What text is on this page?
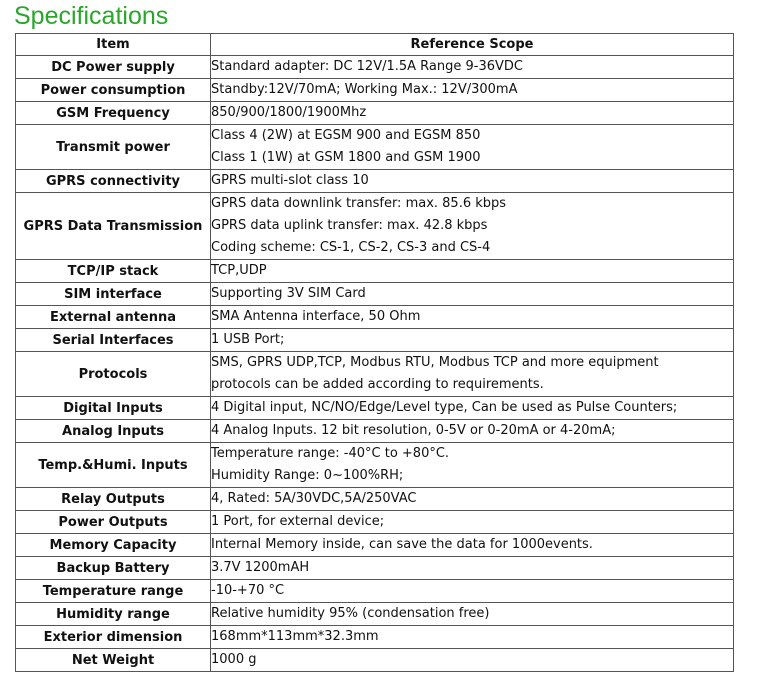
Specifications
Item	Reference Scope
DC Power supply	Standard adapter: DC 12V/1.5A Range 9-36VDC

Power consumption	Standby:12V/70mA; Working Max.: 12V/300mA

GSM Frequency	850/900/1800/1900Mhz

Transmit power	Class 4 (2W) at EGSM 900 and EGSM 850
Class 1 (1W) at GSM 1800 and GSM 1900

GPRS connectivity	GPRS multi-slot class 10

GPRS Data Transmission	GPRS data downlink transfer: max. 85.6 kbps
GPRS data uplink transfer: max. 42.8 kbps
Coding scheme: CS-1, CS-2, CS-3 and CS-4

TCP/IP stack	TCP,UDP

SIM interface	Supporting 3V SIM Card

External antenna	SMA Antenna interface, 50 Ohm

Serial Interfaces	1 USB Port;

Protocols	SMS, GPRS UDP,TCP, Modbus RTU, Modbus TCP and more equipment
protocols can be added according to requirements.

Digital Inputs	4 Digital input, NC/NO/Edge/Level type, Can be used as Pulse Counters;

Analog Inputs	4 Analog Inputs. 12 bit resolution, 0-5V or 0-20mA or 4-20mA;

Temp.&Humi. Inputs	Temperature range: -40°C to +80°C.
Humidity Range: 0~100%RH;

Relay Outputs	4, Rated: 5A/30VDC,5A/250VAC

Power Outputs	1 Port, for external device;

Memory Capacity	Internal Memory inside, can save the data for 1000events.

Backup Battery	3.7V 1200mAH

Temperature range	-10-+70 °C

Humidity range	Relative humidity 95% (condensation free)

Exterior dimension	168mm*113mm*32.3mm

Net Weight	1000 g
